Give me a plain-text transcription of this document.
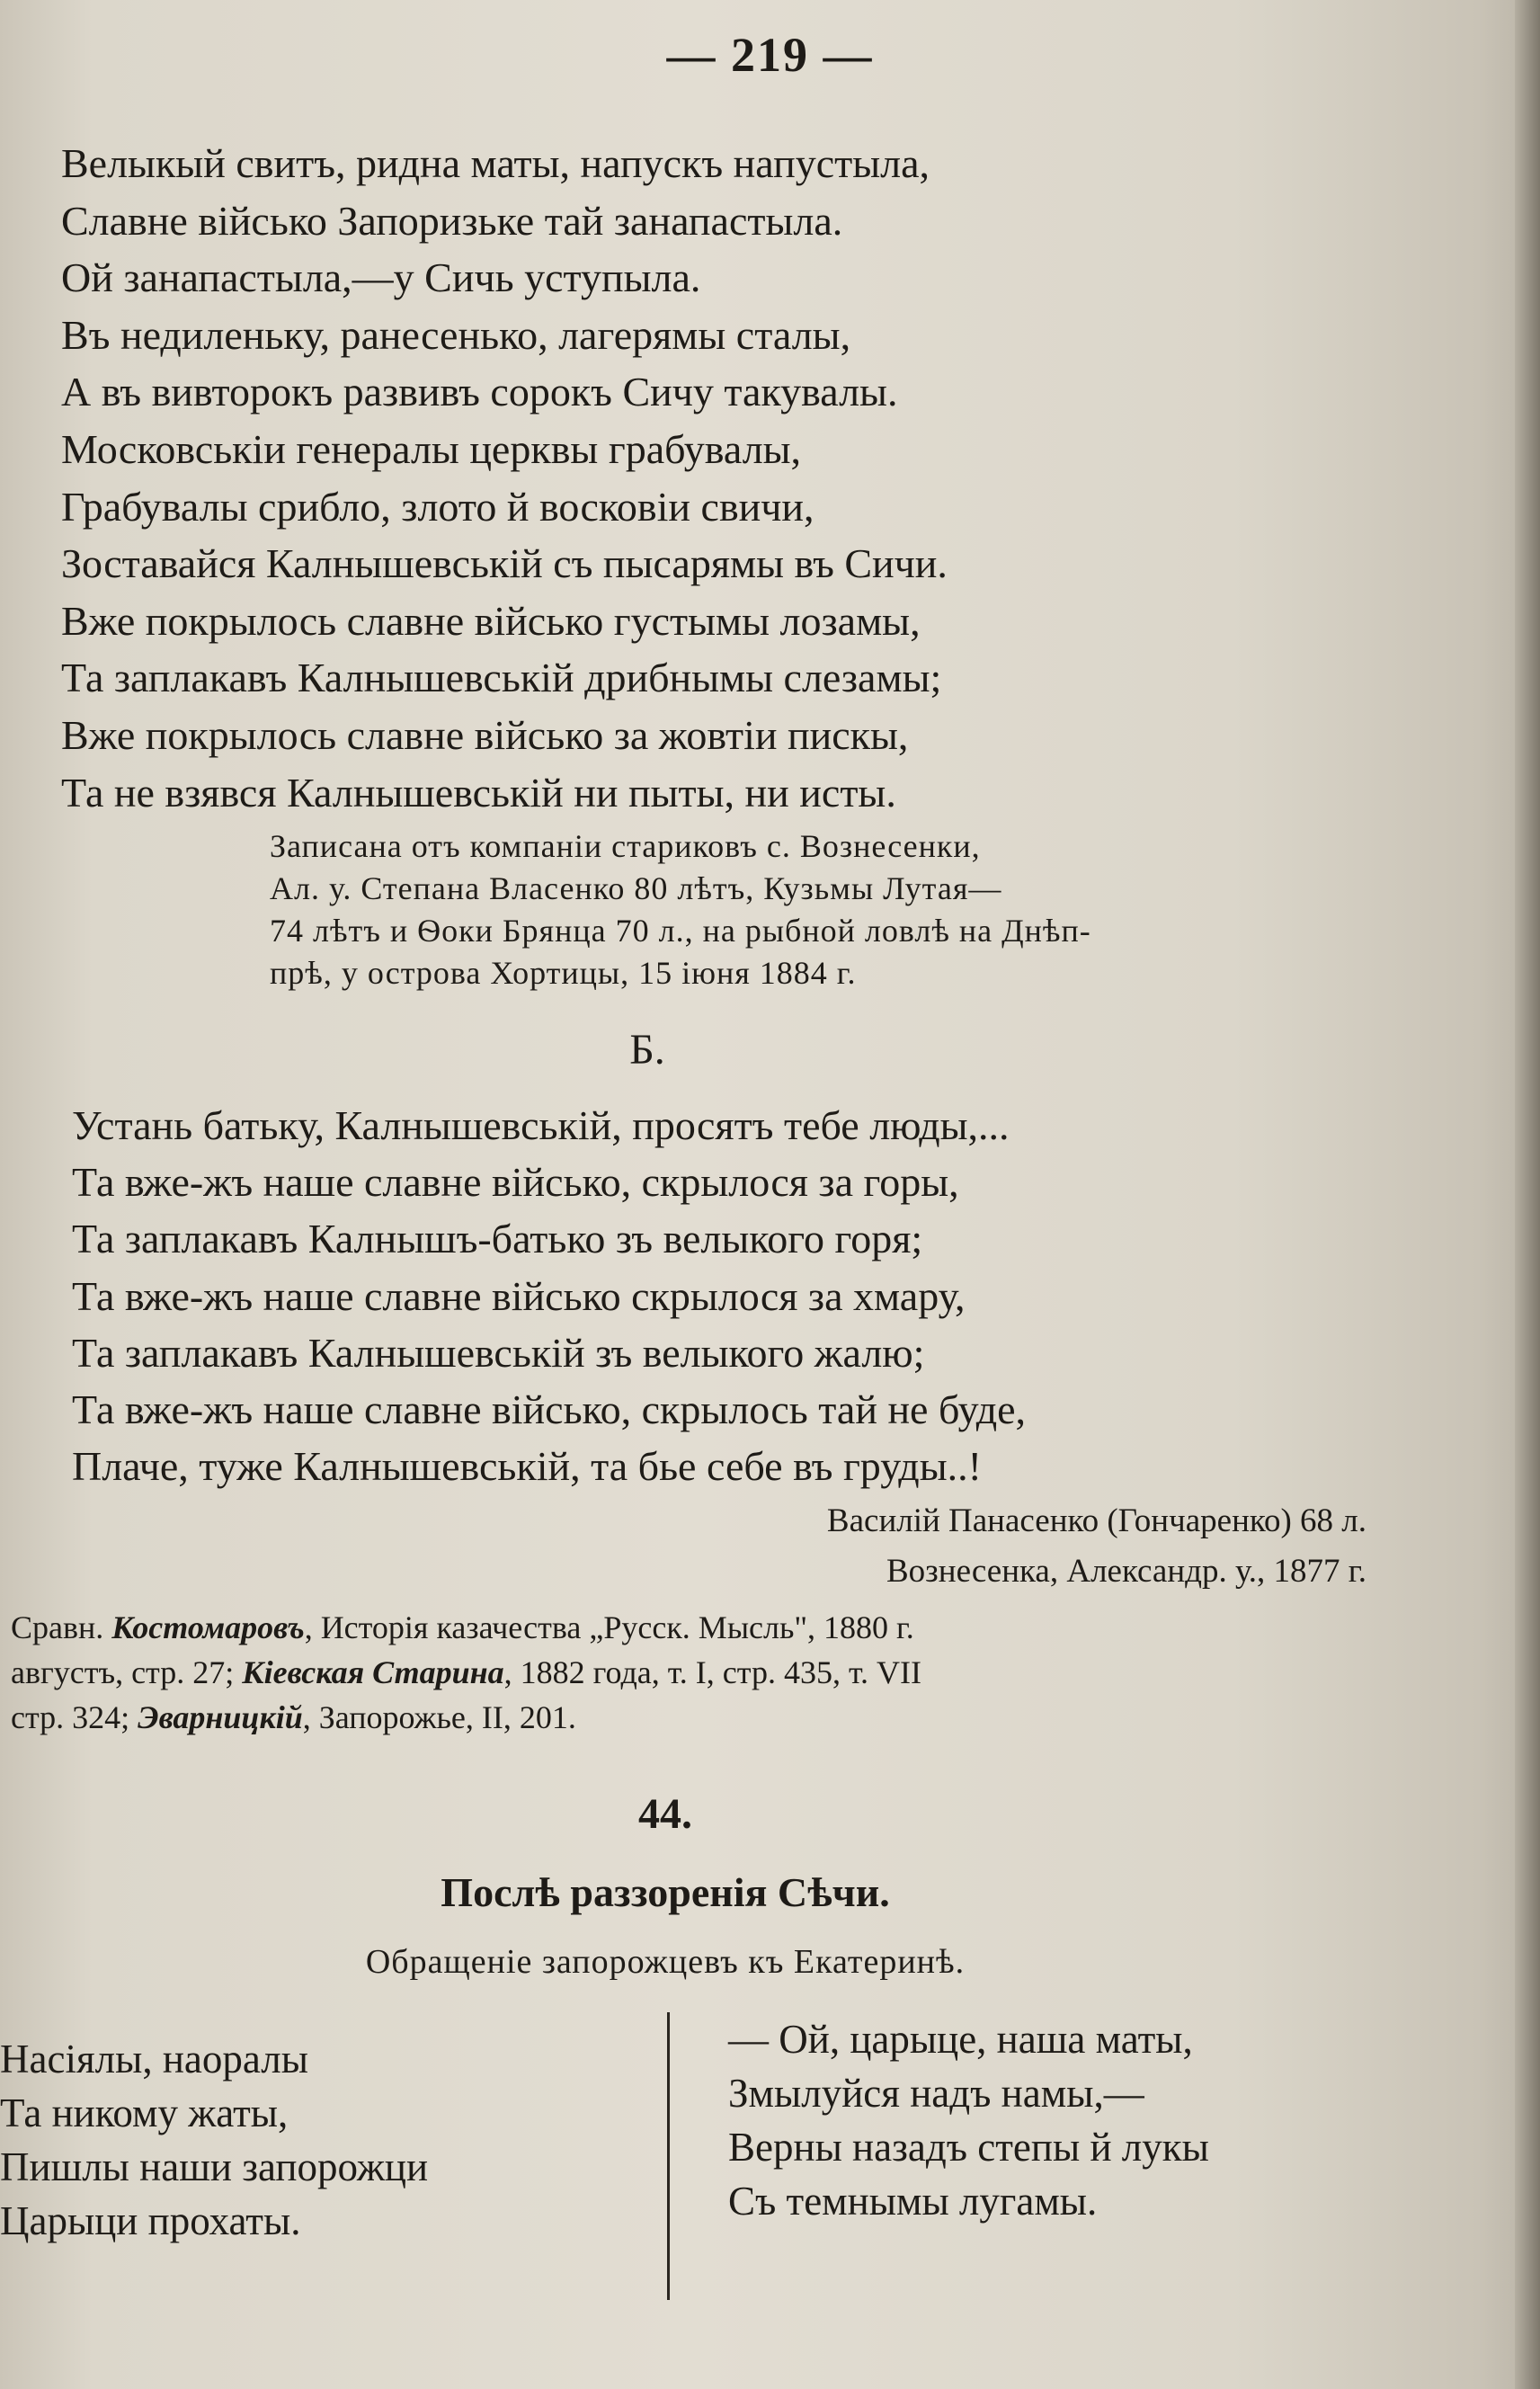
— 219 —
Велыкый свитъ, ридна маты, напускъ напустыла,
Славне військо Запоризьке тай занапастыла.
Ой занапастыла,—у Сичь уступыла.
Въ недиленьку, ранесенько, лагерямы сталы,
А въ вивторокъ развивъ сорокъ Сичу такувалы.
Московськіи генералы церквы грабувалы,
Грабувалы срибло, злото й восковіи свичи,
Зоставайся Калнышевській съ пысарямы въ Сичи.
Вже покрылось славне військо густымы лозамы,
Та заплакавъ Калнышевській дрибнымы слезамы;
Вже покрылось славне військо за жовтіи пискы,
Та не взявся Калнышевській ни пыты, ни исты.
Записана отъ компаніи стариковъ с. Вознесенки,
Ал. у. Степана Власенко 80 лѣтъ, Кузьмы Лутая—
74 лѣтъ и Ѳоки Брянца 70 л., на рыбной ловлѣ на Днѣп-
прѣ, у острова Хортицы, 15 іюня 1884 г.
Б.
Устань батьку, Калнышевській, просятъ тебе люды,...
Та вже-жъ наше славне військо, скрылося за горы,
Та заплакавъ Калнышъ-батько зъ велыкого горя;
Та вже-жъ наше славне військо скрылося за хмару,
Та заплакавъ Калнышевській зъ велыкого жалю;
Та вже-жъ наше славне військо, скрылось тай не буде,
Плаче, туже Калнышевській, та бье себе въ груды..!
Василій Панасенко (Гончаренко) 68 л.
Вознесенка, Александр. у., 1877 г.
Сравн. Костомаровъ, Исторія казачества „Русск. Мысль", 1880 г.
августъ, стр. 27; Кіевская Старина, 1882 года, т. I, стр. 435, т. VII
стр. 324; Эварницкій, Запорожье, II, 201.
44.
Послѣ раззоренія Сѣчи.
Обращеніе запорожцевъ къ Екатеринѣ.
Насіялы, наоралы
Та никому жаты,
Пишлы наши запорожци
Царыци прохаты.
— Ой, царыце, наша маты,
Змылуйся надъ намы,—
Верны назадъ степы й лукы
Съ темнымы лугамы.
